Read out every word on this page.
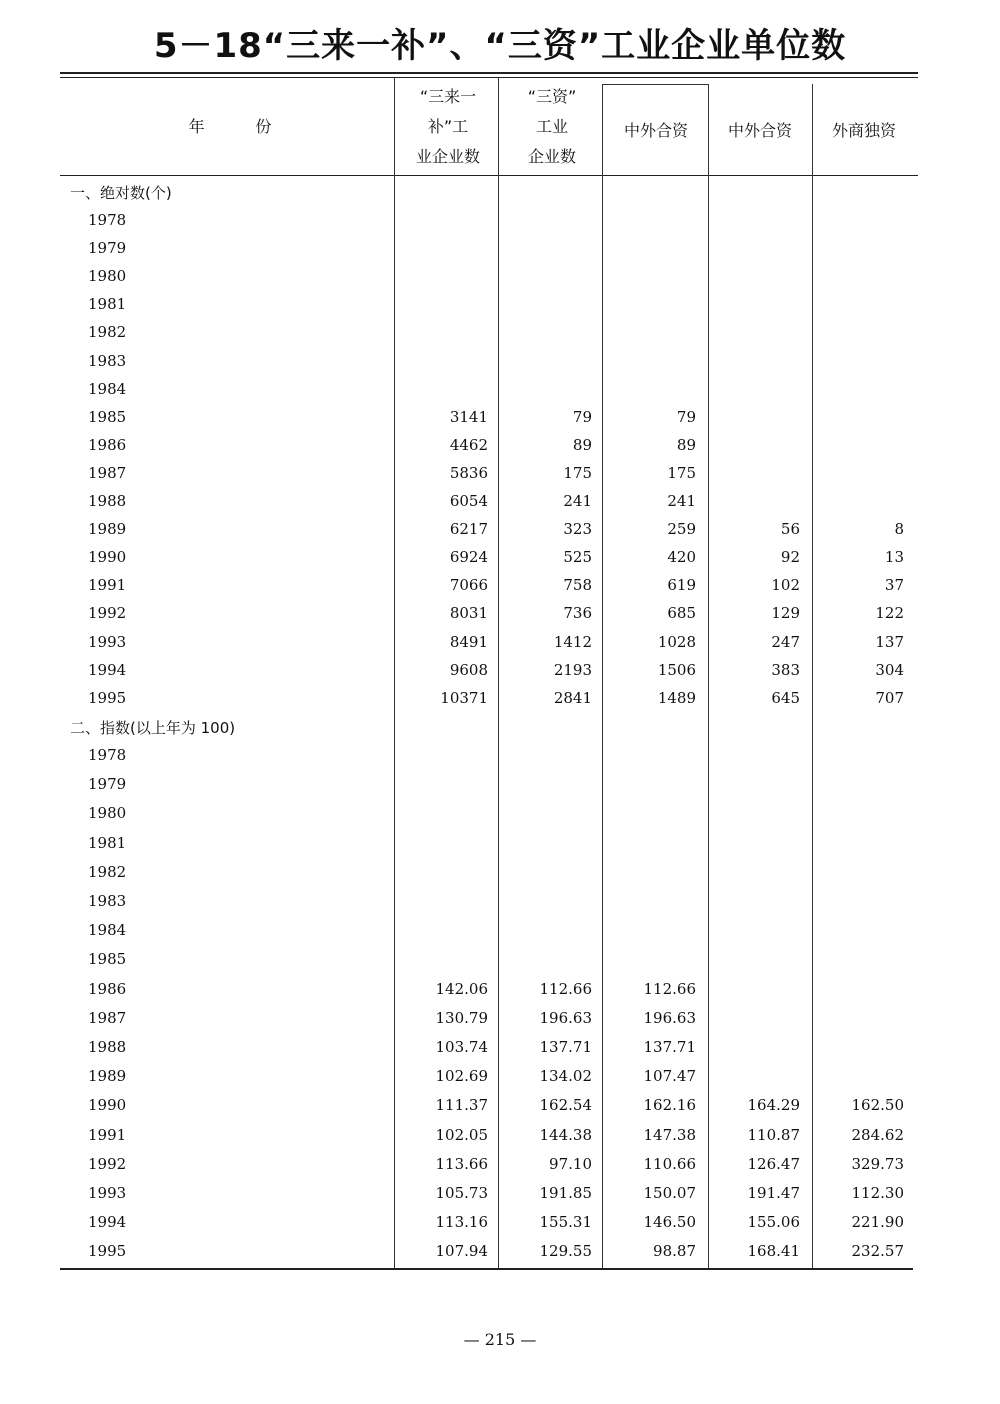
5－18“三来一补”、“三资”工业企业单位数
年          份
“三来一
补”工
业企业数
“三资”
工业
企业数
中外合资	中外合资	外商独资
一、绝对数(个)
1978
1979
1980
1981
1982
1983
1984
1985	3141	79	79
1986	4462	89	89
1987	5836	175	175
1988	6054	241	241
1989	6217	323	259	56	8
1990	6924	525	420	92	13
1991	7066	758	619	102	37
1992	8031	736	685	129	122
1993	8491	1412	1028	247	137
1994	9608	2193	1506	383	304
1995	10371	2841	1489	645	707
二、指数(以上年为 100)
1978
1979
1980
1981
1982
1983
1984
1985
1986	142.06	112.66	112.66
1987	130.79	196.63	196.63
1988	103.74	137.71	137.71
1989	102.69	134.02	107.47
1990	111.37	162.54	162.16	164.29	162.50
1991	102.05	144.38	147.38	110.87	284.62
1992	113.66	97.10	110.66	126.47	329.73
1993	105.73	191.85	150.07	191.47	112.30
1994	113.16	155.31	146.50	155.06	221.90
1995	107.94	129.55	98.87	168.41	232.57
— 215 —
